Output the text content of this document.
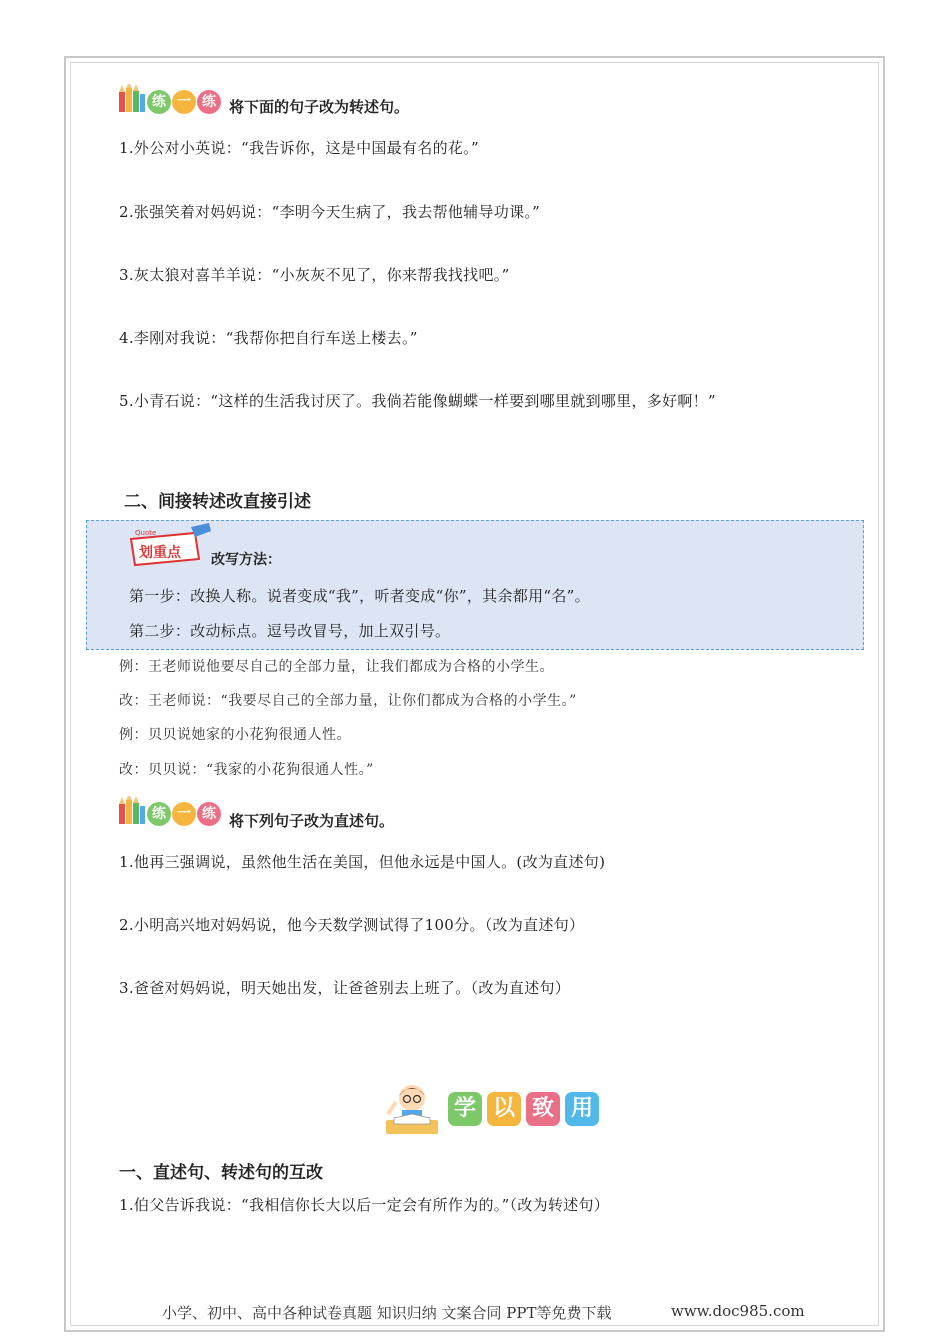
练 一 练 将下面的句子改为转述句。
1.外公对小英说：“我告诉你，这是中国最有名的花。”
2.张强笑着对妈妈说：“李明今天生病了，我去帮他辅导功课。”
3.灰太狼对喜羊羊说：“小灰灰不见了，你来帮我找找吧。”
4.李刚对我说：“我帮你把自行车送上楼去。”
5.小青石说：“这样的生活我讨厌了。我倘若能像蝴蝶一样要到哪里就到哪里，多好啊！”
二、间接转述改直接引述
Quote
划重点 改写方法：
第一步：改换人称。说者变成“我”，听者变成“你”，其余都用“名”。
第二步：改动标点。逗号改冒号，加上双引号。
例：王老师说他要尽自己的全部力量，让我们都成为合格的小学生。
改：王老师说：“我要尽自己的全部力量，让你们都成为合格的小学生。”
例：贝贝说她家的小花狗很通人性。
改：贝贝说：“我家的小花狗很通人性。”
练 一 练 将下列句子改为直述句。
1.他再三强调说，虽然他生活在美国，但他永远是中国人。(改为直述句)
2.小明高兴地对妈妈说，他今天数学测试得了100分。（改为直述句）
3.爸爸对妈妈说，明天她出发，让爸爸别去上班了。（改为直述句）
学 以 致 用
一、直述句、转述句的互改
1.伯父告诉我说：“我相信你长大以后一定会有所作为的。”（改为转述句）
小学、初中、高中各种试卷真题 知识归纳 文案合同 PPT等免费下载	www.doc985.com
